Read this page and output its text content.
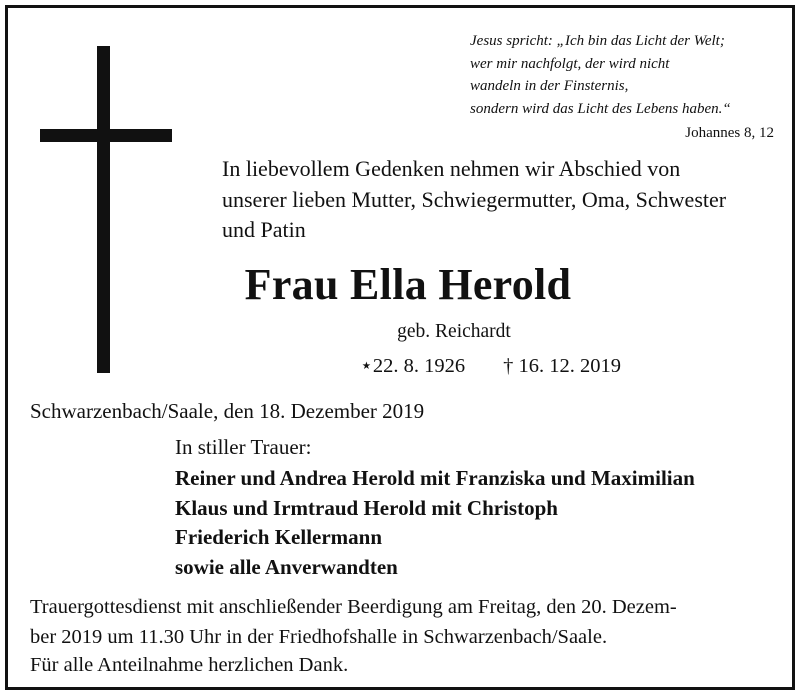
Jesus spricht: „Ich bin das Licht der Welt;
wer mir nachfolgt, der wird nicht
wandeln in der Finsternis,
sondern wird das Licht des Lebens haben.“
Johannes 8, 12
In liebevollem Gedenken nehmen wir Abschied von
unserer lieben Mutter, Schwiegermutter, Oma, Schwester
und Patin
Frau Ella Herold
geb. Reichardt
⋆22. 8. 1926 † 16. 12. 2019
Schwarzenbach/Saale, den 18. Dezember 2019
In stiller Trauer:
Reiner und Andrea Herold mit Franziska und Maximilian
Klaus und Irmtraud Herold mit Christoph
Friederich Kellermann
sowie alle Anverwandten
Trauergottesdienst mit anschließender Beerdigung am Freitag, den 20. Dezem-
ber 2019 um 11.30 Uhr in der Friedhofshalle in Schwarzenbach/Saale.
Für alle Anteilnahme herzlichen Dank.
